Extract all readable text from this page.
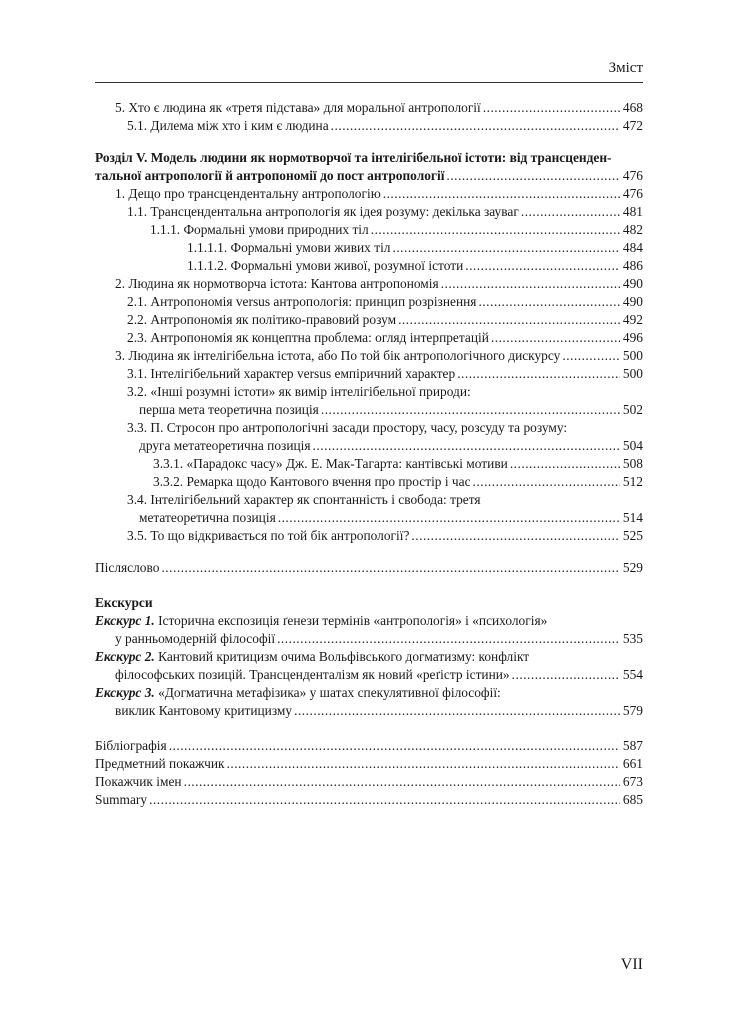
Зміст
5. Хто є людина як «третя підстава» для моральної антропології .....	468
5.1. Дилема між хто і ким є людина .....	472
Розділ V. Модель людини як нормотворчої та інтелігібельної істоти: від трансценден-
тальної антропології й антропономії до пост антропології .....	476
1. Дещо про трансцендентальну антропологію .....	476
1.1. Трансцендентальна антропологія як ідея розуму: декілька зауваг .....	481
1.1.1. Формальні умови природних тіл .....	482
1.1.1.1. Формальні умови живих тіл .....	484
1.1.1.2. Формальні умови живої, розумної істоти .....	486
2. Людина як нормотворча істота: Кантова антропономія .....	490
2.1. Антропономія versus антропологія: принцип розрізнення .....	490
2.2. Антропономія як політико-правовий розум .....	492
2.3. Антропономія як концептна проблема: огляд інтерпретацій .....	496
3. Людина як інтелігібельна істота, або По той бік антропологічного дискурсу .....	500
3.1. Інтелігібельний характер versus емпіричний характер .....	500
3.2. «Інші розумні істоти» як вимір інтелігібельної природи:
перша мета теоретична позиція .....	502
3.3. П. Стросон про антропологічні засади простору, часу, розсуду та розуму:
друга метатеоретична позиція .....	504
3.3.1. «Парадокс часу» Дж. Е. Мак-Тагарта: кантівські мотиви .....	508
3.3.2. Ремарка щодо Кантового вчення про простір і час .....	512
3.4. Інтелігібельний характер як спонтанність і свобода: третя
метатеоретична позиція .....	514
3.5. То що відкривається по той бік антропології? .....	525
Післяслово .....	529
Екскурси
Екскурс 1. Історична експозиція ґенези термінів «антропологія» і «психологія»
у ранньомодерній філософії .....	535
Екскурс 2. Кантовий критицизм очима Вольфівського догматизму: конфлікт
філософських позицій. Трансценденталізм як новий «реґістр істини» .....	554
Екскурс 3. «Догматична метафізика» у шатах спекулятивної філософії:
виклик Кантовому критицизму .....	579
Бібліографія .....	587
Предметний покажчик .....	661
Покажчик імен .....	673
Summary .....	685
VII
